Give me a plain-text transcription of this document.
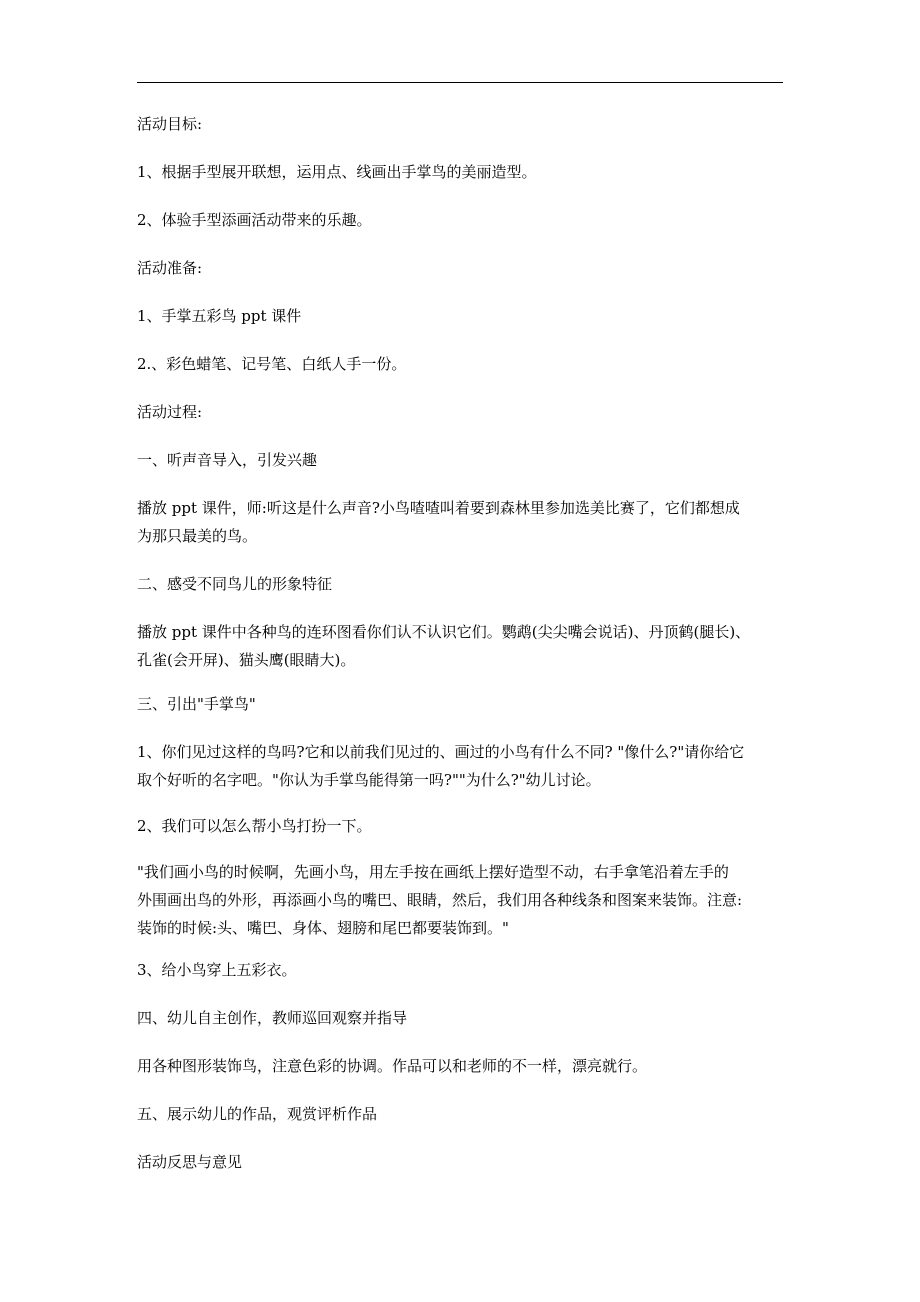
活动目标:

1、根据手型展开联想，运用点、线画出手掌鸟的美丽造型。

2、体验手型添画活动带来的乐趣。

活动准备:

1、手掌五彩鸟 ppt 课件

2.、彩色蜡笔、记号笔、白纸人手一份。

活动过程:

一、听声音导入，引发兴趣

播放 ppt 课件，师:听这是什么声音?小鸟喳喳叫着要到森林里参加选美比赛了，它们都想成
为那只最美的鸟。

二、感受不同鸟儿的形象特征

播放 ppt 课件中各种鸟的连环图看你们认不认识它们。鹦鹉(尖尖嘴会说话)、丹顶鹤(腿长)、
孔雀(会开屏)、猫头鹰(眼睛大)。

三、引出"手掌鸟"

1、你们见过这样的鸟吗?它和以前我们见过的、画过的小鸟有什么不同? "像什么?"请你给它
取个好听的名字吧。"你认为手掌鸟能得第一吗?""为什么?"幼儿讨论。

2、我们可以怎么帮小鸟打扮一下。

"我们画小鸟的时候啊，先画小鸟，用左手按在画纸上摆好造型不动，右手拿笔沿着左手的
外围画出鸟的外形，再添画小鸟的嘴巴、眼睛，然后，我们用各种线条和图案来装饰。注意:
装饰的时候:头、嘴巴、身体、翅膀和尾巴都要装饰到。"

3、给小鸟穿上五彩衣。

四、幼儿自主创作，教师巡回观察并指导

用各种图形装饰鸟，注意色彩的协调。作品可以和老师的不一样，漂亮就行。

五、展示幼儿的作品，观赏评析作品

活动反思与意见
